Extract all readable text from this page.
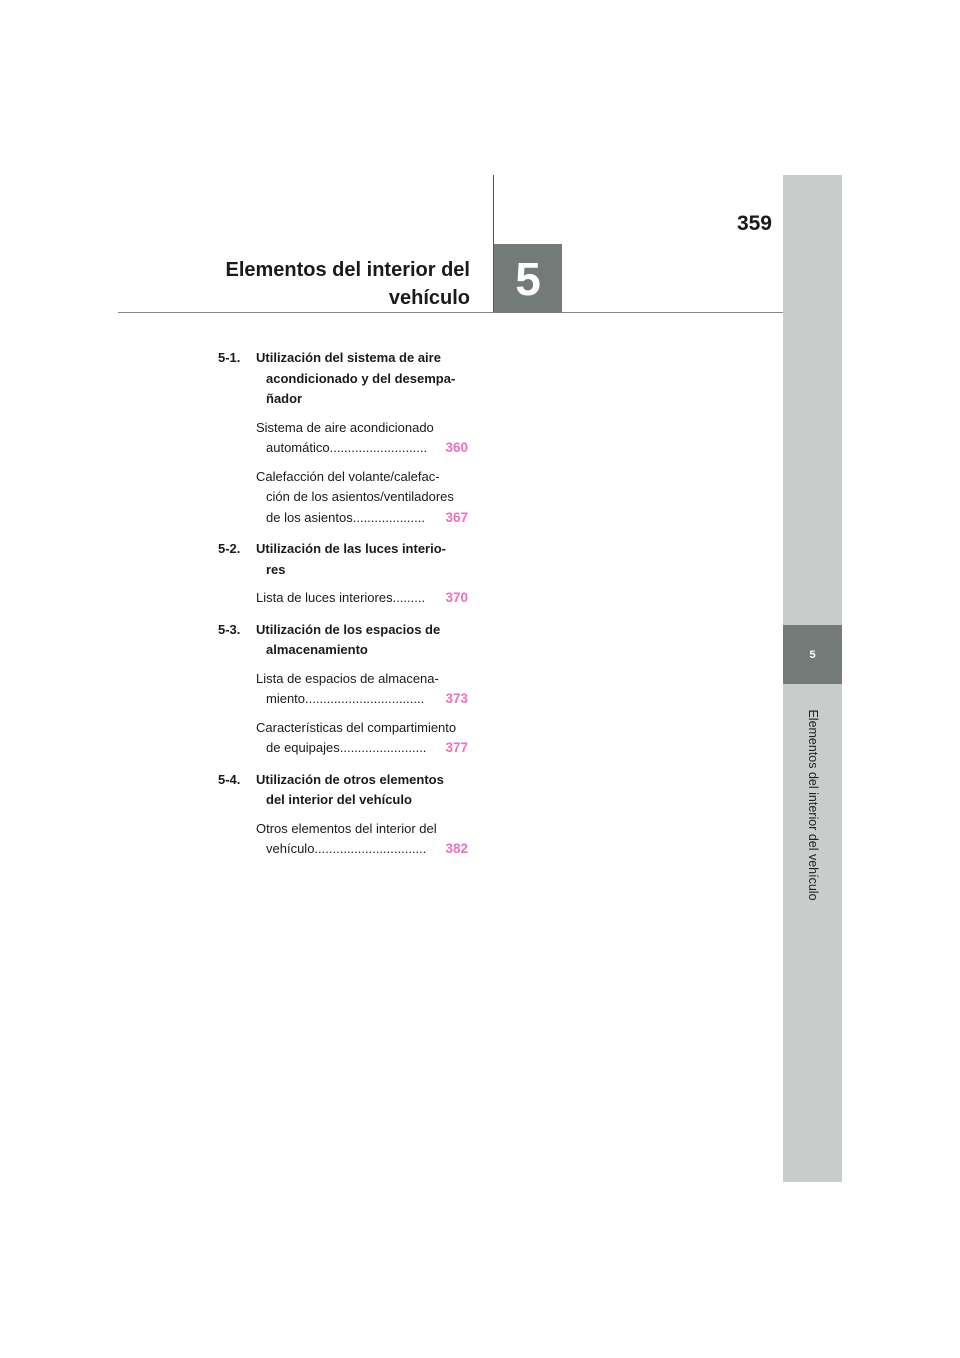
359
Elementos del interior del
vehículo 5
5
Elementos del interior del vehículo
5-1. Utilización del sistema de aire
acondicionado y del desempa-
ñador
Sistema de aire acondicionado
automático ...........................	360
Calefacción del volante/calefac-
ción de los asientos/ventiladores
de los asientos ....................	367
5-2. Utilización de las luces interio-
res
Lista de luces interiores .........	370
5-3. Utilización de los espacios de
almacenamiento
Lista de espacios de almacena-
miento .................................	373
Características del compartimiento
de equipajes ........................	377
5-4. Utilización de otros elementos
del interior del vehículo
Otros elementos del interior del
vehículo ...............................	382
